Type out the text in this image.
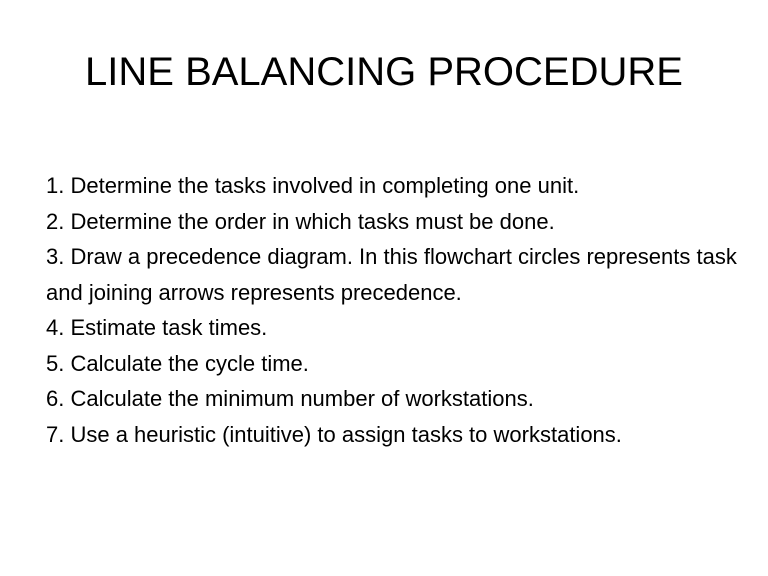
LINE BALANCING PROCEDURE
1. Determine the tasks involved in completing one unit.
2. Determine the order in which tasks must be done.
3. Draw a precedence diagram. In this flowchart circles represents task and joining arrows represents precedence.
4. Estimate task times.
5. Calculate the cycle time.
6. Calculate the minimum number of workstations.
7. Use a heuristic (intuitive) to assign tasks to workstations.
